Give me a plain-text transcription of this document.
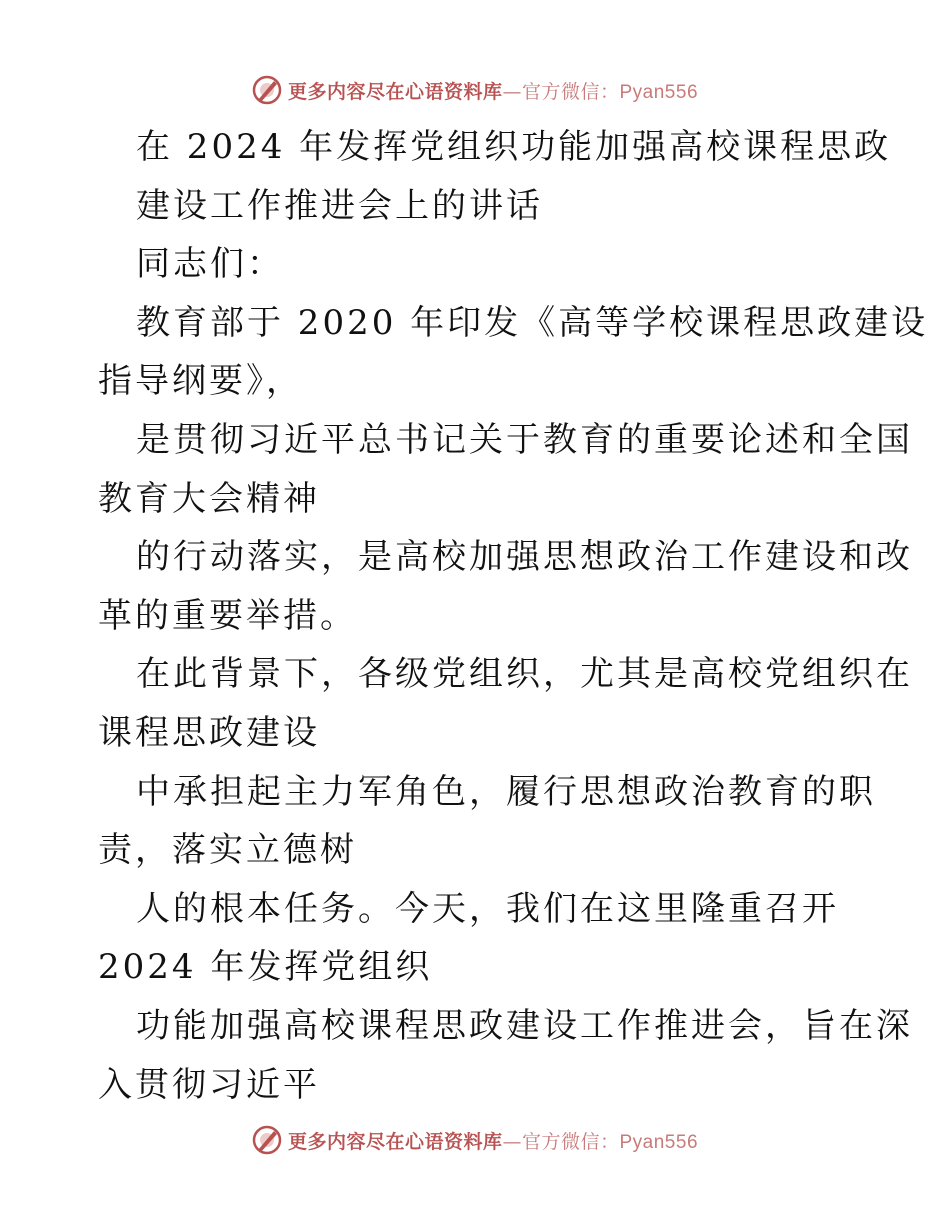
更多内容尽在心语资料库—官方微信：Pyan556
在 2024 年发挥党组织功能加强高校课程思政
建设工作推进会上的讲话
同志们：
教育部于 2020 年印发《高等学校课程思政建设
指导纲要》，
是贯彻习近平总书记关于教育的重要论述和全国
教育大会精神
的行动落实，是高校加强思想政治工作建设和改
革的重要举措。
在此背景下，各级党组织，尤其是高校党组织在
课程思政建设
中承担起主力军角色，履行思想政治教育的职
责，落实立德树
人的根本任务。今天，我们在这里隆重召开
2024 年发挥党组织
功能加强高校课程思政建设工作推进会，旨在深
入贯彻习近平
更多内容尽在心语资料库—官方微信：Pyan556
